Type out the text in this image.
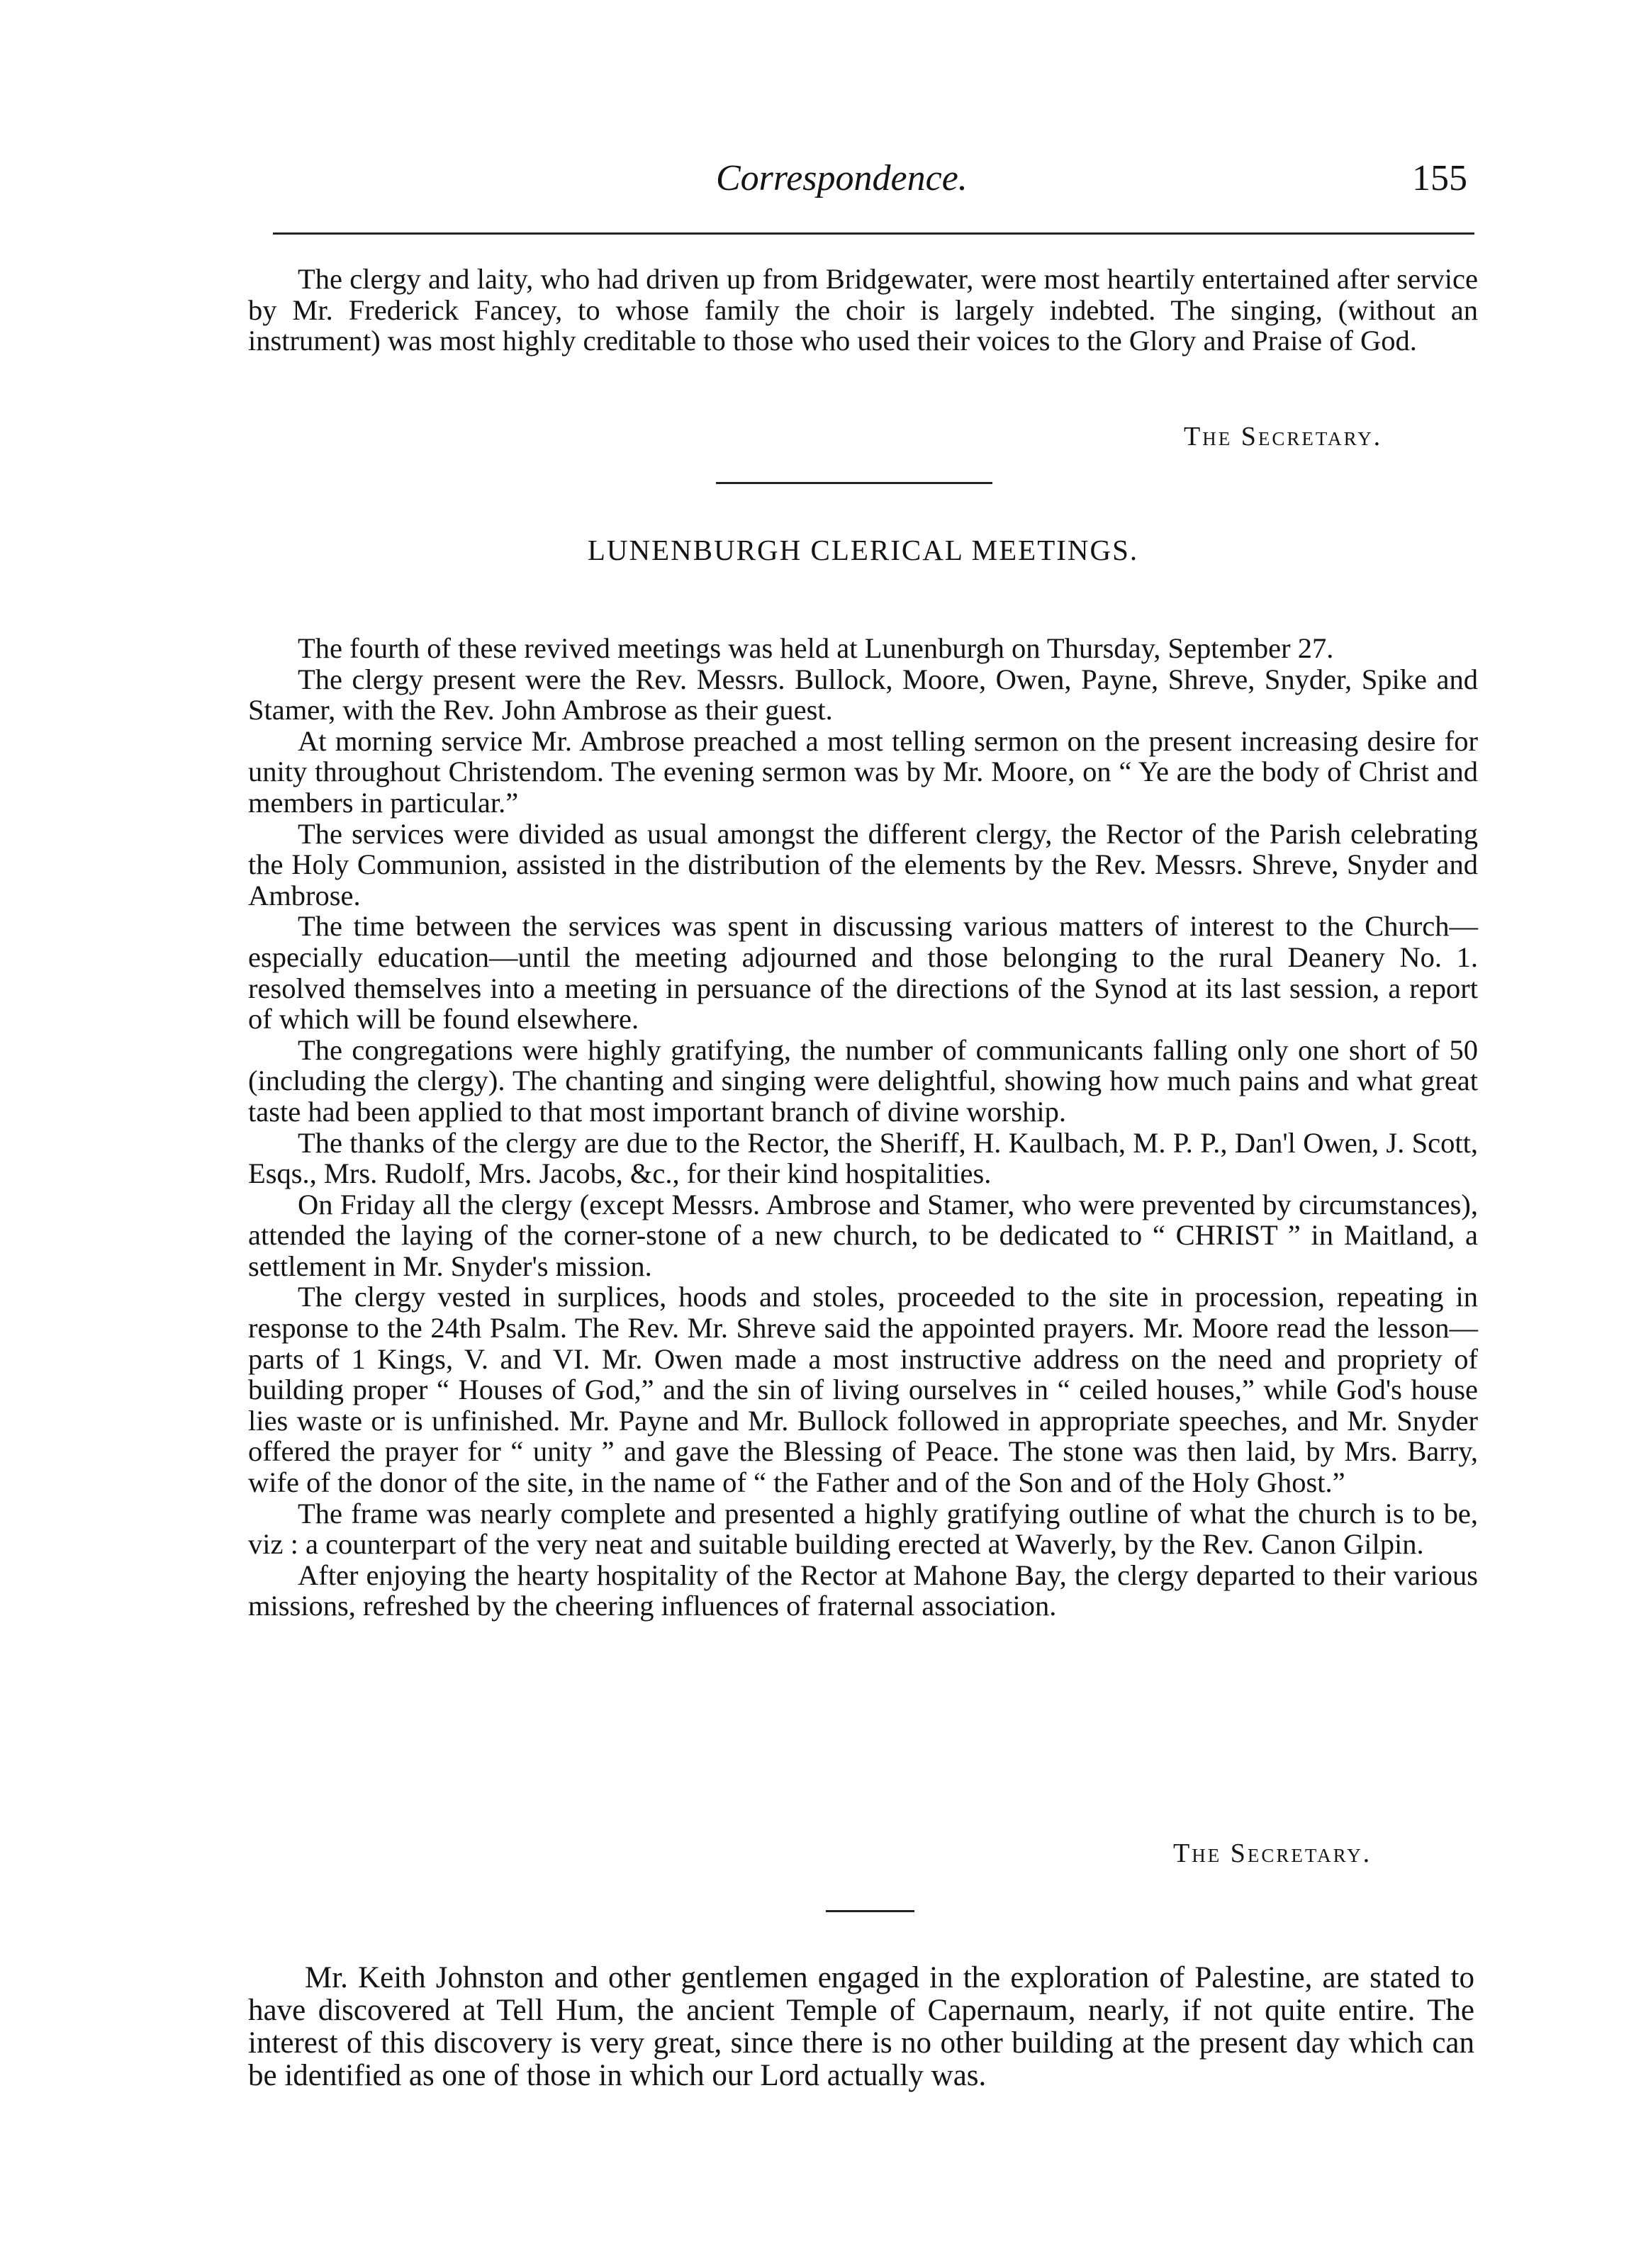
Correspondence.	155

The clergy and laity, who had driven up from Bridgewater, were most heartily entertained after service by Mr. Frederick Fancey, to whose family the choir is largely indebted. The singing, (without an instrument) was most highly creditable to those who used their voices to the Glory and Praise of God.

The Secretary.
LUNENBURGH CLERICAL MEETINGS.

The fourth of these revived meetings was held at Lunenburgh on Thursday, September 27.

The clergy present were the Rev. Messrs. Bullock, Moore, Owen, Payne, Shreve, Snyder, Spike and Stamer, with the Rev. John Ambrose as their guest.

At morning service Mr. Ambrose preached a most telling sermon on the present increasing desire for unity throughout Christendom. The evening sermon was by Mr. Moore, on “ Ye are the body of Christ and members in particular.”

The services were divided as usual amongst the different clergy, the Rector of the Parish celebrating the Holy Communion, assisted in the distribution of the elements by the Rev. Messrs. Shreve, Snyder and Ambrose.

The time between the services was spent in discussing various matters of interest to the Church—especially education—until the meeting adjourned and those belonging to the rural Deanery No. 1. resolved themselves into a meeting in persuance of the directions of the Synod at its last session, a report of which will be found elsewhere.

The congregations were highly gratifying, the number of communicants falling only one short of 50 (including the clergy). The chanting and singing were delightful, showing how much pains and what great taste had been applied to that most important branch of divine worship.

The thanks of the clergy are due to the Rector, the Sheriff, H. Kaulbach, M. P. P., Dan'l Owen, J. Scott, Esqs., Mrs. Rudolf, Mrs. Jacobs, &c., for their kind hospitalities.

On Friday all the clergy (except Messrs. Ambrose and Stamer, who were prevented by circumstances), attended the laying of the corner-stone of a new church, to be dedicated to “ CHRIST ” in Maitland, a settlement in Mr. Snyder's mission.

The clergy vested in surplices, hoods and stoles, proceeded to the site in procession, repeating in response to the 24th Psalm. The Rev. Mr. Shreve said the appointed prayers. Mr. Moore read the lesson—parts of 1 Kings, V. and VI. Mr. Owen made a most instructive address on the need and propriety of building proper “ Houses of God,” and the sin of living ourselves in “ ceiled houses,” while God's house lies waste or is unfinished. Mr. Payne and Mr. Bullock followed in appropriate speeches, and Mr. Snyder offered the prayer for “ unity ” and gave the Blessing of Peace. The stone was then laid, by Mrs. Barry, wife of the donor of the site, in the name of “ the Father and of the Son and of the Holy Ghost.”

The frame was nearly complete and presented a highly gratifying outline of what the church is to be, viz : a counterpart of the very neat and suitable building erected at Waverly, by the Rev. Canon Gilpin.

After enjoying the hearty hospitality of the Rector at Mahone Bay, the clergy departed to their various missions, refreshed by the cheering influences of fraternal association.

The Secretary.

Mr. Keith Johnston and other gentlemen engaged in the exploration of Palestine, are stated to have discovered at Tell Hum, the ancient Temple of Capernaum, nearly, if not quite entire. The interest of this discovery is very great, since there is no other building at the present day which can be identified as one of those in which our Lord actually was.
